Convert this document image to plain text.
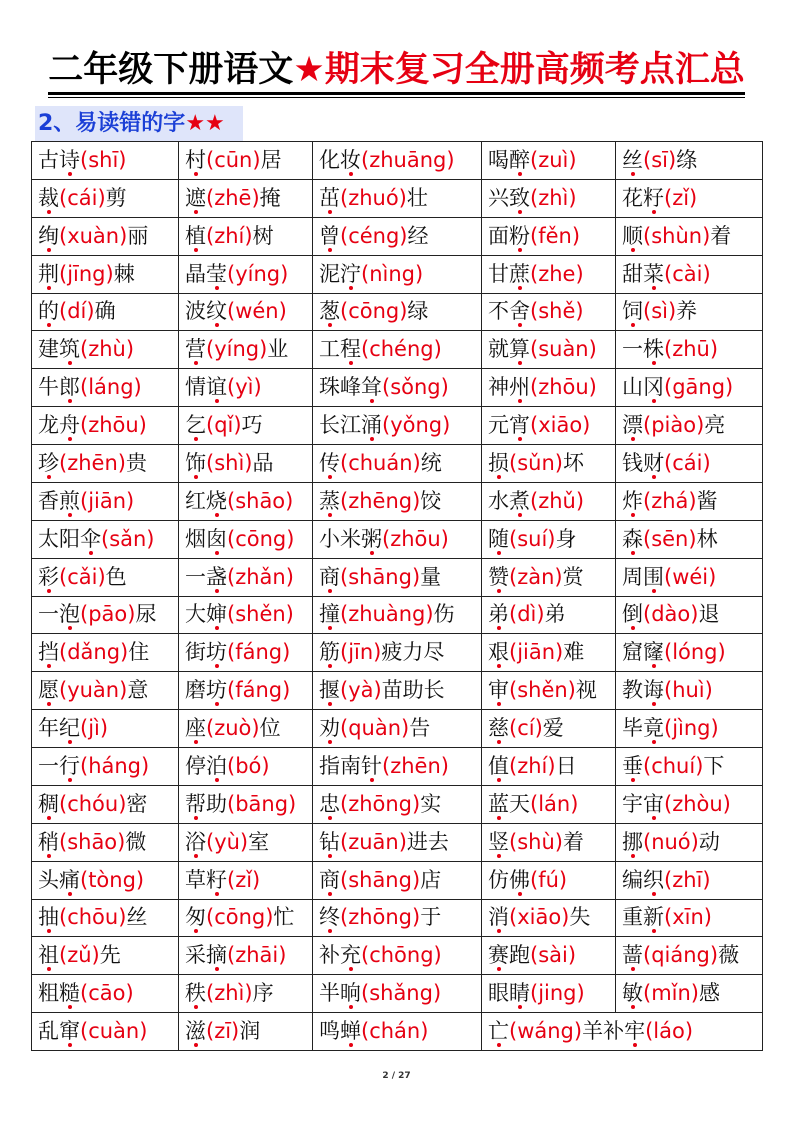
二年级下册语文★期末复习全册高频考点汇总
2、易读错的字★★
古诗(shī)	村(cūn)居	化妆(zhuāng)	喝醉(zuì)	丝(sī)绦
裁(cái)剪	遮(zhē)掩	茁(zhuó)壮	兴致(zhì)	花籽(zǐ)
绚(xuàn)丽	植(zhí)树	曾(céng)经	面粉(fěn)	顺(shùn)着
荆(jīng)棘	晶莹(yíng)	泥泞(nìng)	甘蔗(zhe)	甜菜(cài)
的(dí)确	波纹(wén)	葱(cōng)绿	不舍(shě)	饲(sì)养
建筑(zhù)	营(yíng)业	工程(chéng)	就算(suàn)	一株(zhū)
牛郎(láng)	情谊(yì)	珠峰耸(sǒng)	神州(zhōu)	山冈(gāng)
龙舟(zhōu)	乞(qǐ)巧	长江涌(yǒng)	元宵(xiāo)	漂(piào)亮
珍(zhēn)贵	饰(shì)品	传(chuán)统	损(sǔn)坏	钱财(cái)
香煎(jiān)	红烧(shāo)	蒸(zhēng)饺	水煮(zhǔ)	炸(zhá)酱
太阳伞(sǎn)	烟囱(cōng)	小米粥(zhōu)	随(suí)身	森(sēn)林
彩(cǎi)色	一盏(zhǎn)	商(shāng)量	赞(zàn)赏	周围(wéi)
一泡(pāo)尿	大婶(shěn)	撞(zhuàng)伤	弟(dì)弟	倒(dào)退
挡(dǎng)住	街坊(fáng)	筋(jīn)疲力尽	艰(jiān)难	窟窿(lóng)
愿(yuàn)意	磨坊(fáng)	揠(yà)苗助长	审(shěn)视	教诲(huì)
年纪(jì)	座(zuò)位	劝(quàn)告	慈(cí)爱	毕竟(jìng)
一行(háng)	停泊(bó)	指南针(zhēn)	值(zhí)日	垂(chuí)下
稠(chóu)密	帮助(bāng)	忠(zhōng)实	蓝天(lán)	宇宙(zhòu)
稍(shāo)微	浴(yù)室	钻(zuān)进去	竖(shù)着	挪(nuó)动
头痛(tòng)	草籽(zǐ)	商(shāng)店	仿佛(fú)	编织(zhī)
抽(chōu)丝	匆(cōng)忙	终(zhōng)于	消(xiāo)失	重新(xīn)
祖(zǔ)先	采摘(zhāi)	补充(chōng)	赛跑(sài)	蔷(qiáng)薇
粗糙(cāo)	秩(zhì)序	半晌(shǎng)	眼睛(jing)	敏(mǐn)感
乱窜(cuàn)	滋(zī)润	鸣蝉(chán)	亡(wáng)羊补牢(láo)	
2 / 27
